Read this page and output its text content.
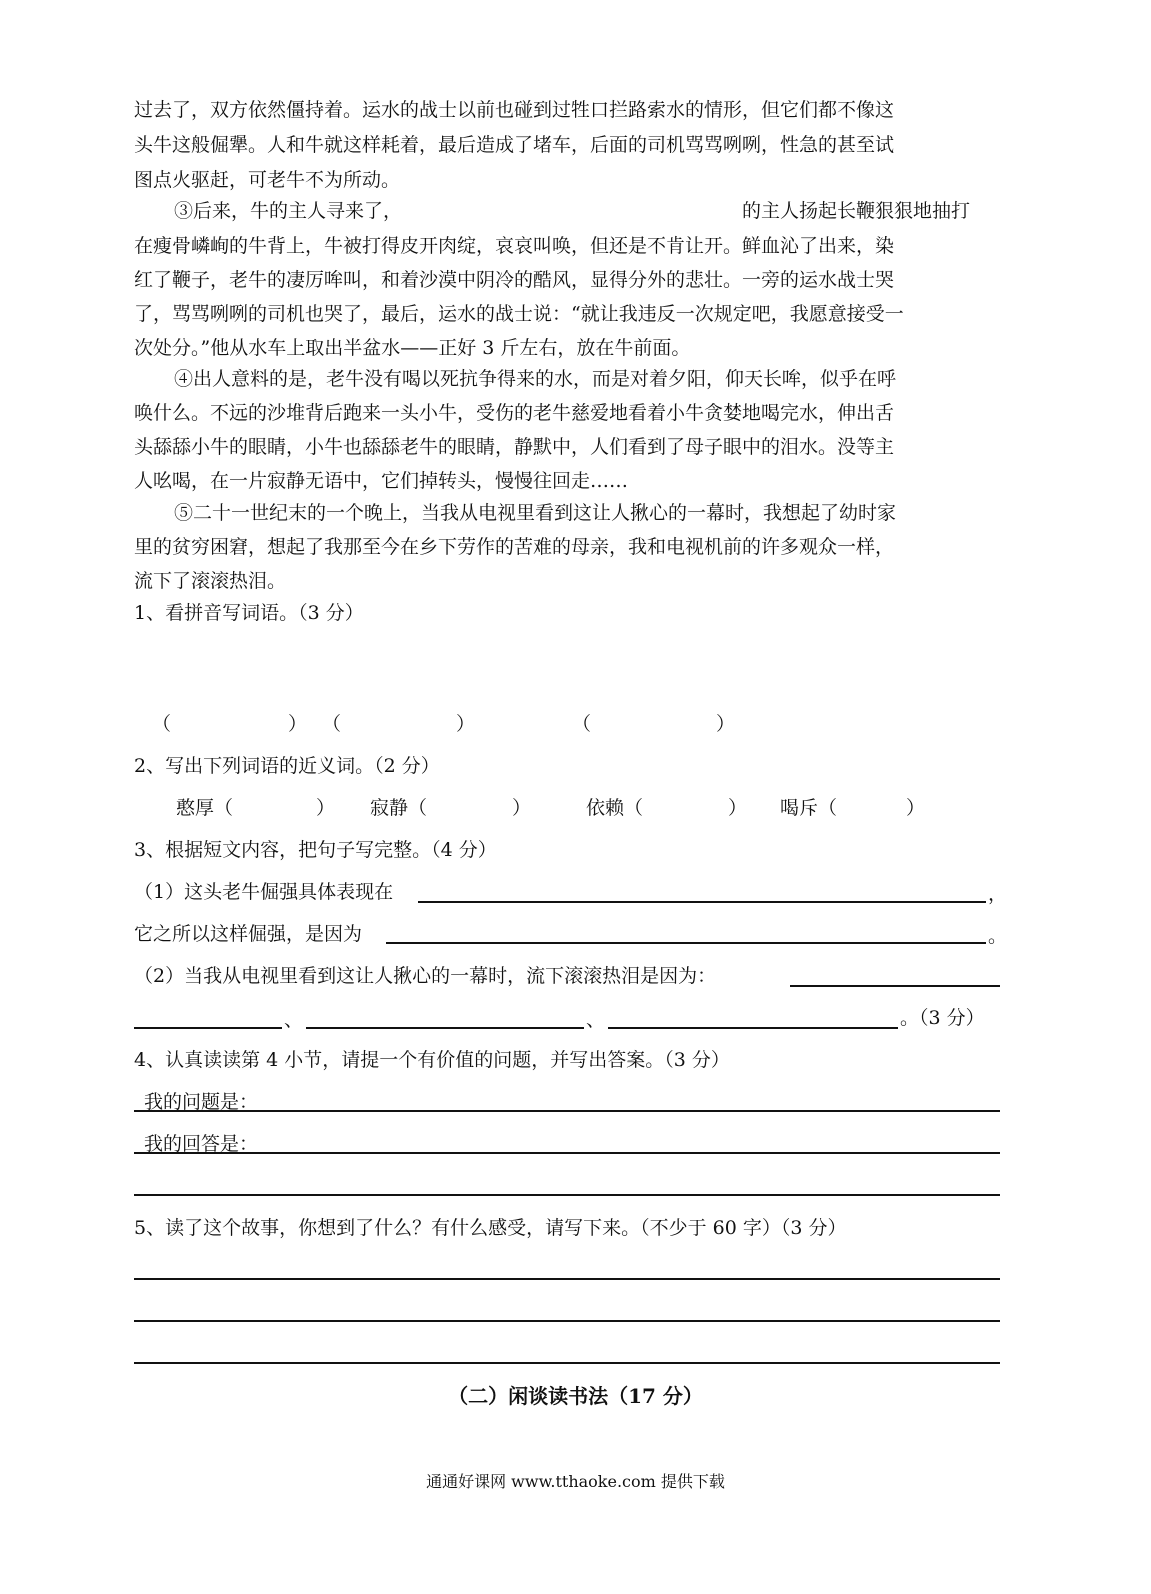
过去了，双方依然僵持着。运水的战士以前也碰到过牲口拦路索水的情形，但它们都不像这
头牛这般倔犟。人和牛就这样耗着，最后造成了堵车，后面的司机骂骂咧咧，性急的甚至试
图点火驱赶，可老牛不为所动。
③后来，牛的主人寻来了，	的主人扬起长鞭狠狠地抽打
在瘦骨嶙峋的牛背上，牛被打得皮开肉绽，哀哀叫唤，但还是不肯让开。鲜血沁了出来，染
红了鞭子，老牛的凄厉哞叫，和着沙漠中阴冷的酷风，显得分外的悲壮。一旁的运水战士哭
了，骂骂咧咧的司机也哭了，最后，运水的战士说：“就让我违反一次规定吧，我愿意接受一
次处分。”他从水车上取出半盆水——正好 3 斤左右，放在牛前面。
④出人意料的是，老牛没有喝以死抗争得来的水，而是对着夕阳，仰天长哞，似乎在呼
唤什么。不远的沙堆背后跑来一头小牛，受伤的老牛慈爱地看着小牛贪婪地喝完水，伸出舌
头舔舔小牛的眼睛，小牛也舔舔老牛的眼睛，静默中，人们看到了母子眼中的泪水。没等主
人吆喝，在一片寂静无语中，它们掉转头，慢慢往回走……
⑤二十一世纪末的一个晚上，当我从电视里看到这让人揪心的一幕时，我想起了幼时家
里的贫穷困窘，想起了我那至今在乡下劳作的苦难的母亲，我和电视机前的许多观众一样，
流下了滚滚热泪。
1、看拼音写词语。（3 分）
（	） （	）	（	）
2、写出下列词语的近义词。（2 分）
憨厚（	） 寂静（	）	依赖（	） 喝斥（	）
3、根据短文内容，把句子写完整。（4 分）
（1）这头老牛倔强具体表现在	，
它之所以这样倔强，是因为	。
（2）当我从电视里看到这让人揪心的一幕时，流下滚滚热泪是因为：
、	、	。（3 分）
4、认真读读第 4 小节，请提一个有价值的问题，并写出答案。（3 分）
我的问题是：
我的回答是：
5、读了这个故事，你想到了什么？有什么感受，请写下来。（不少于 60 字）（3 分）
（二）闲谈读书法（17 分）
通通好课网 www.tthaoke.com 提供下载
